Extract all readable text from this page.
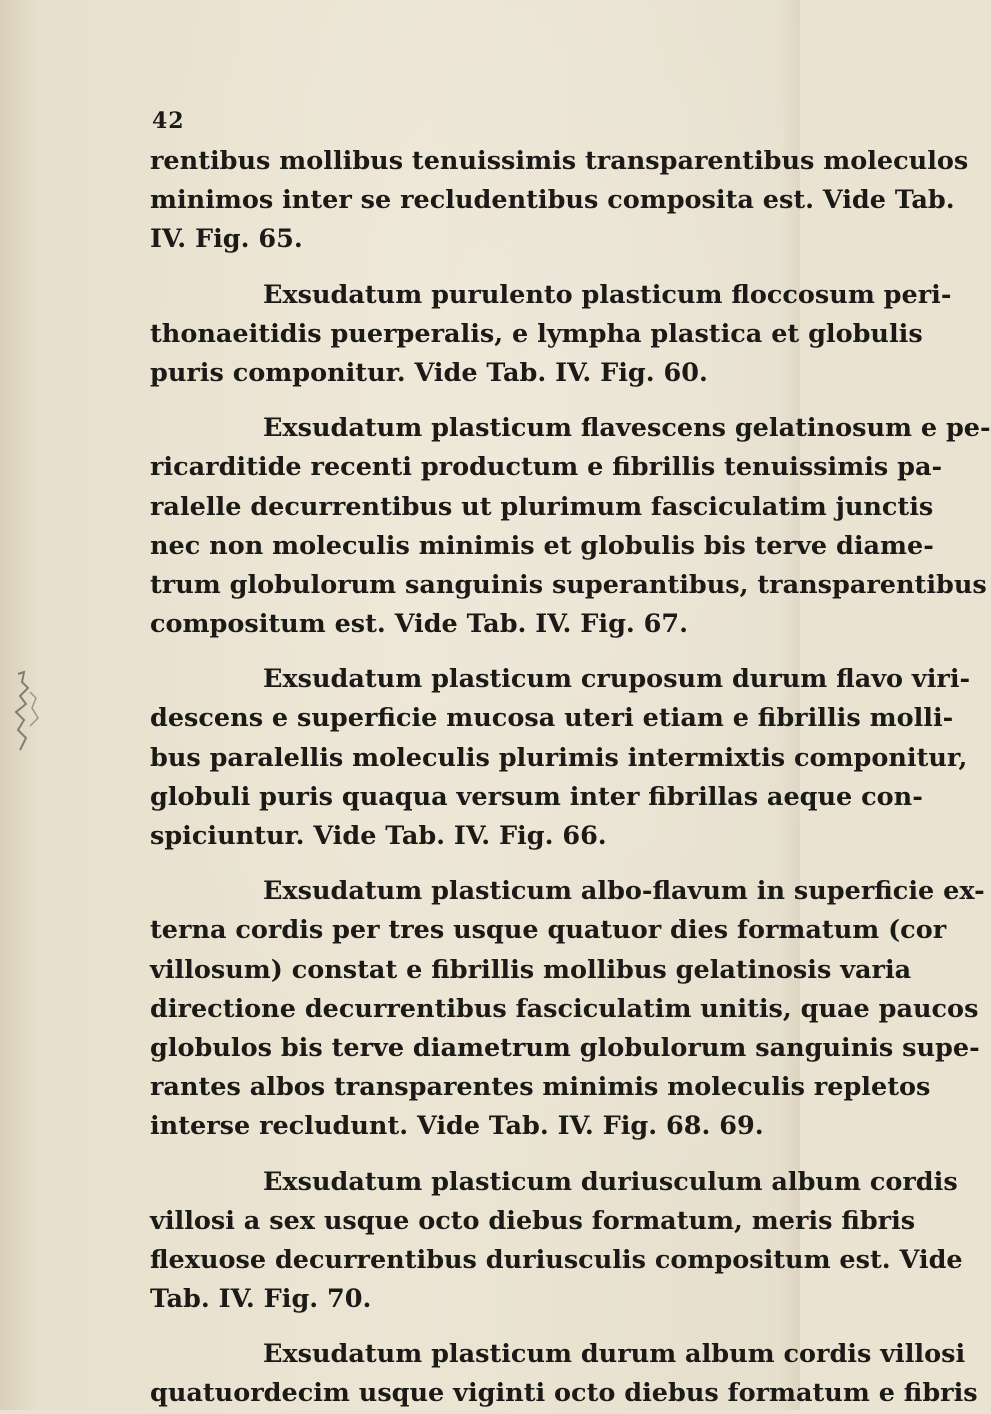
42
rentibus mollibus tenuissimis transparentibus moleculos
minimos inter se recludentibus composita est. Vide Tab.
IV. Fig. 65.
Exsudatum purulento plasticum floccosum peri-
thonaeitidis puerperalis, e lympha plastica et globulis
puris componitur. Vide Tab. IV. Fig. 60.
Exsudatum plasticum flavescens gelatinosum e pe-
ricarditide recenti productum e fibrillis tenuissimis pa-
ralelle decurrentibus ut plurimum fasciculatim junctis
nec non moleculis minimis et globulis bis terve diame-
trum globulorum sanguinis superantibus, transparentibus
compositum est. Vide Tab. IV. Fig. 67.
Exsudatum plasticum cruposum durum flavo viri-
descens e superficie mucosa uteri etiam e fibrillis molli-
bus paralellis moleculis plurimis intermixtis componitur,
globuli puris quaqua versum inter fibrillas aeque con-
spiciuntur. Vide Tab. IV. Fig. 66.
Exsudatum plasticum albo-flavum in superficie ex-
terna cordis per tres usque quatuor dies formatum (cor
villosum) constat e fibrillis mollibus gelatinosis varia
directione decurrentibus fasciculatim unitis, quae paucos
globulos bis terve diametrum globulorum sanguinis supe-
rantes albos transparentes minimis moleculis repletos
interse recludunt. Vide Tab. IV. Fig. 68. 69.
Exsudatum plasticum duriusculum album cordis
villosi a sex usque octo diebus formatum, meris fibris
flexuose decurrentibus duriusculis compositum est. Vide
Tab. IV. Fig. 70.
Exsudatum plasticum durum album cordis villosi
quatuordecim usque viginti octo diebus formatum e fibris
